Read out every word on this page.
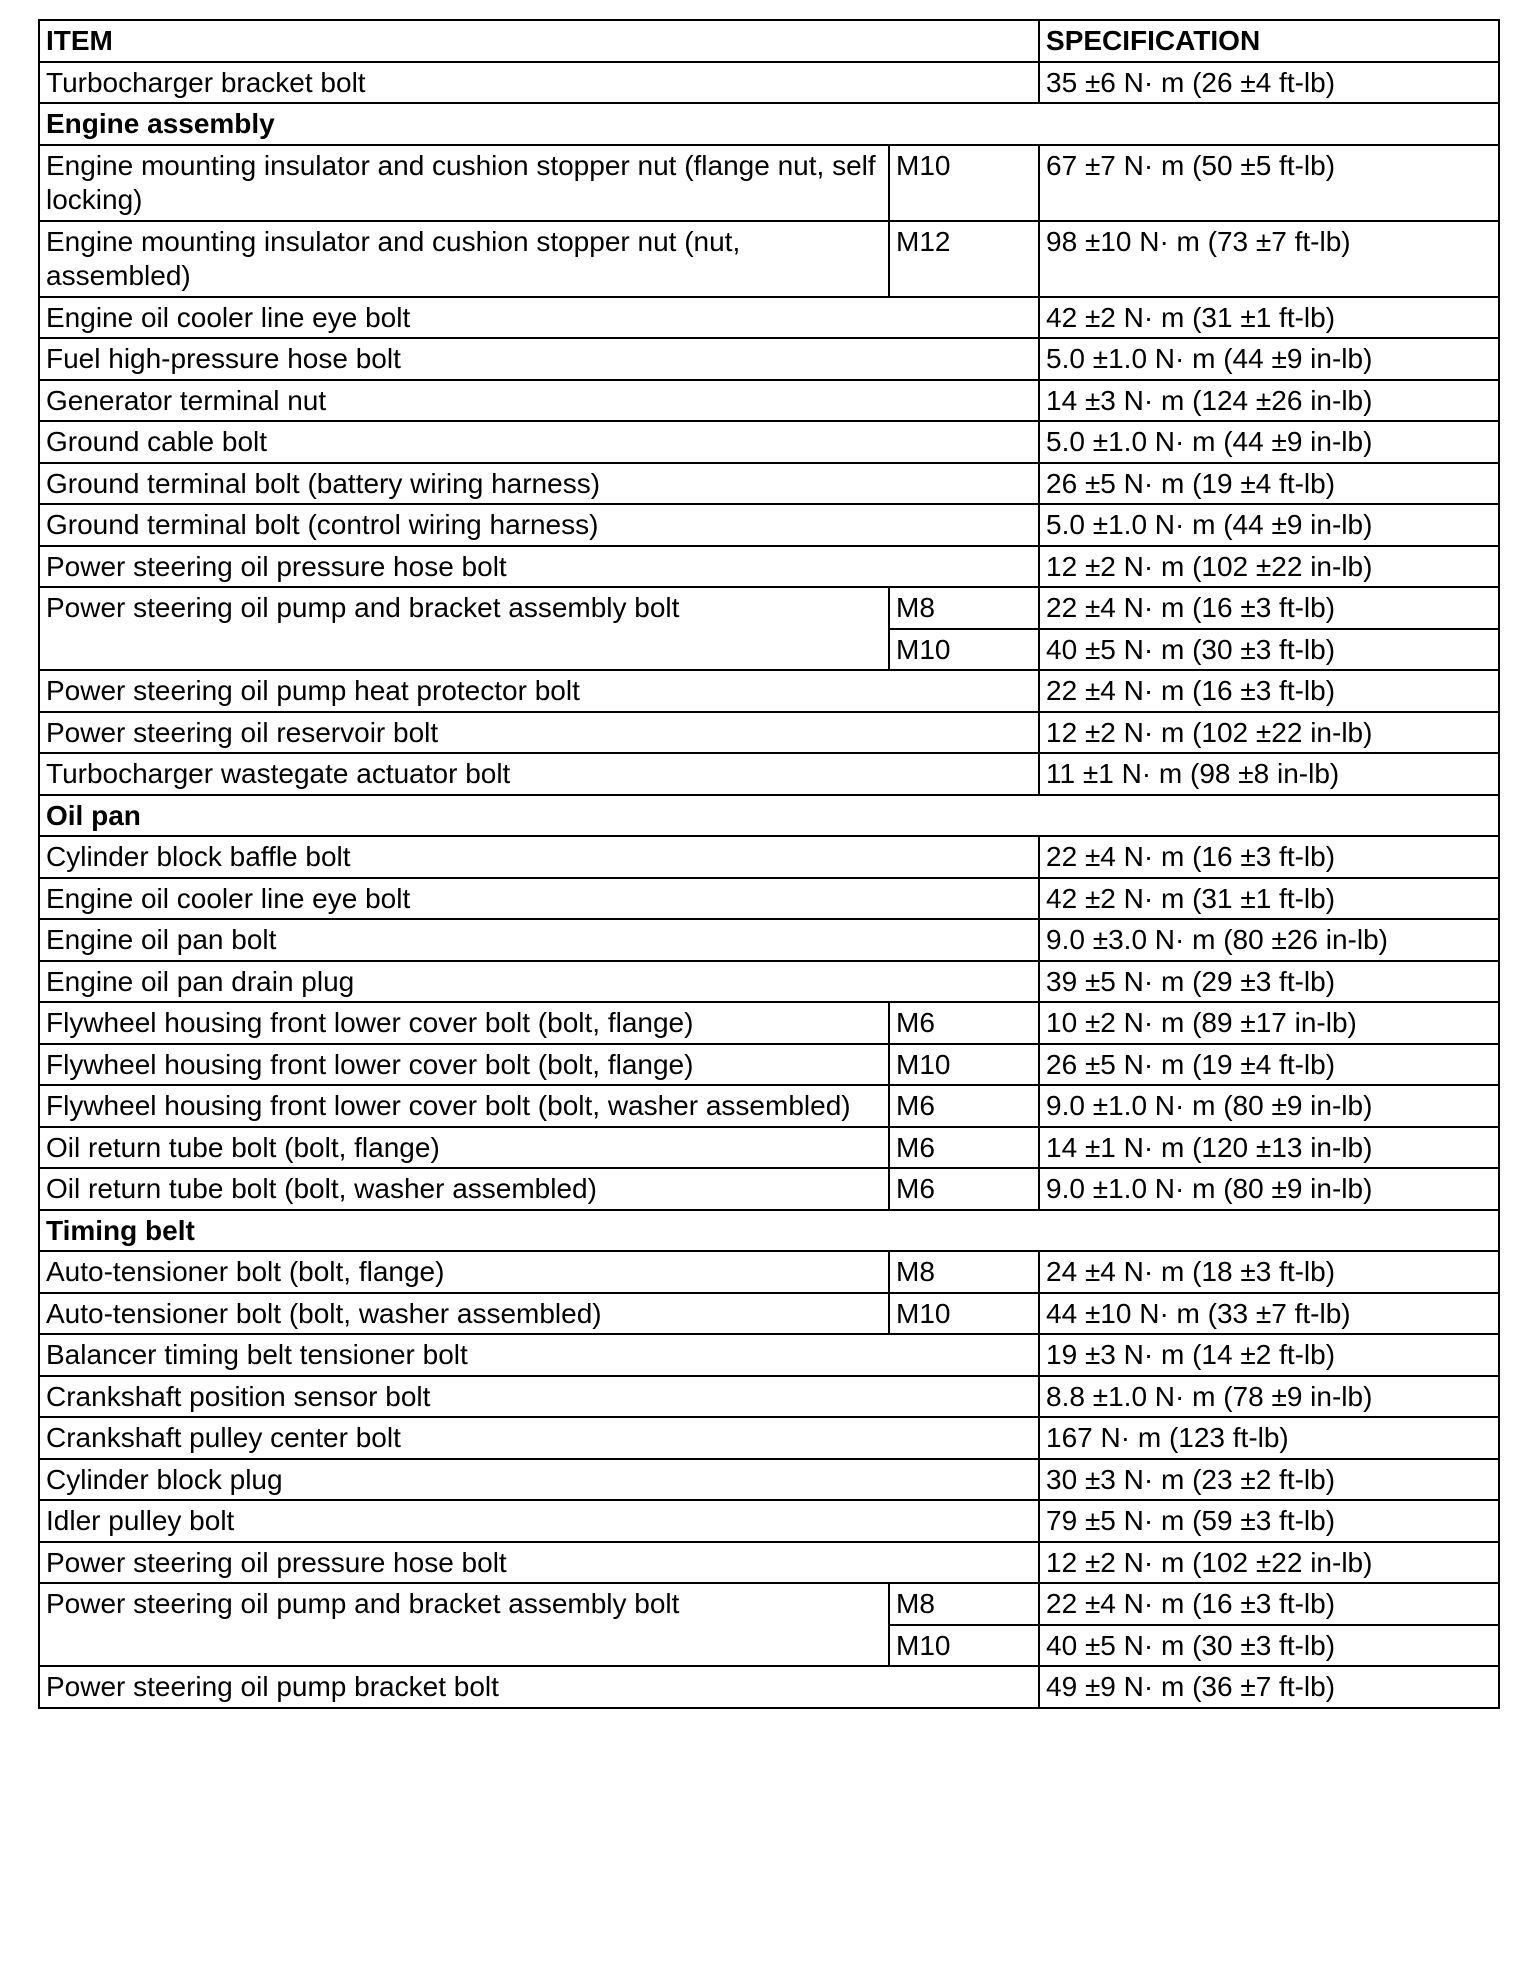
ITEM		SPECIFICATION
Turbocharger bracket bolt		35 ±6 N· m (26 ±4 ft-lb)
Engine assembly		
Engine mounting insulator and cushion stopper nut (flange nut, self locking)	M10	67 ±7 N· m (50 ±5 ft-lb)
Engine mounting insulator and cushion stopper nut (nut, assembled)	M12	98 ±10 N· m (73 ±7 ft-lb)
Engine oil cooler line eye bolt		42 ±2 N· m (31 ±1 ft-lb)
Fuel high-pressure hose bolt		5.0 ±1.0 N· m (44 ±9 in-lb)
Generator terminal nut		14 ±3 N· m (124 ±26 in-lb)
Ground cable bolt		5.0 ±1.0 N· m (44 ±9 in-lb)
Ground terminal bolt (battery wiring harness)		26 ±5 N· m (19 ±4 ft-lb)
Ground terminal bolt (control wiring harness)		5.0 ±1.0 N· m (44 ±9 in-lb)
Power steering oil pressure hose bolt		12 ±2 N· m (102 ±22 in-lb)
Power steering oil pump and bracket assembly bolt	M8	22 ±4 N· m (16 ±3 ft-lb)
	M10	40 ±5 N· m (30 ±3 ft-lb)
Power steering oil pump heat protector bolt		22 ±4 N· m (16 ±3 ft-lb)
Power steering oil reservoir bolt		12 ±2 N· m (102 ±22 in-lb)
Turbocharger wastegate actuator bolt		11 ±1 N· m (98 ±8 in-lb)
Oil pan		
Cylinder block baffle bolt		22 ±4 N· m (16 ±3 ft-lb)
Engine oil cooler line eye bolt		42 ±2 N· m (31 ±1 ft-lb)
Engine oil pan bolt		9.0 ±3.0 N· m (80 ±26 in-lb)
Engine oil pan drain plug		39 ±5 N· m (29 ±3 ft-lb)
Flywheel housing front lower cover bolt (bolt, flange)	M6	10 ±2 N· m (89 ±17 in-lb)
Flywheel housing front lower cover bolt (bolt, flange)	M10	26 ±5 N· m (19 ±4 ft-lb)
Flywheel housing front lower cover bolt (bolt, washer assembled)	M6	9.0 ±1.0 N· m (80 ±9 in-lb)
Oil return tube bolt (bolt, flange)	M6	14 ±1 N· m (120 ±13 in-lb)
Oil return tube bolt (bolt, washer assembled)	M6	9.0 ±1.0 N· m (80 ±9 in-lb)
Timing belt		
Auto-tensioner bolt (bolt, flange)	M8	24 ±4 N· m (18 ±3 ft-lb)
Auto-tensioner bolt (bolt, washer assembled)	M10	44 ±10 N· m (33 ±7 ft-lb)
Balancer timing belt tensioner bolt		19 ±3 N· m (14 ±2 ft-lb)
Crankshaft position sensor bolt		8.8 ±1.0 N· m (78 ±9 in-lb)
Crankshaft pulley center bolt		167 N· m (123 ft-lb)
Cylinder block plug		30 ±3 N· m (23 ±2 ft-lb)
Idler pulley bolt		79 ±5 N· m (59 ±3 ft-lb)
Power steering oil pressure hose bolt		12 ±2 N· m (102 ±22 in-lb)
Power steering oil pump and bracket assembly bolt	M8	22 ±4 N· m (16 ±3 ft-lb)
	M10	40 ±5 N· m (30 ±3 ft-lb)
Power steering oil pump bracket bolt		49 ±9 N· m (36 ±7 ft-lb)
